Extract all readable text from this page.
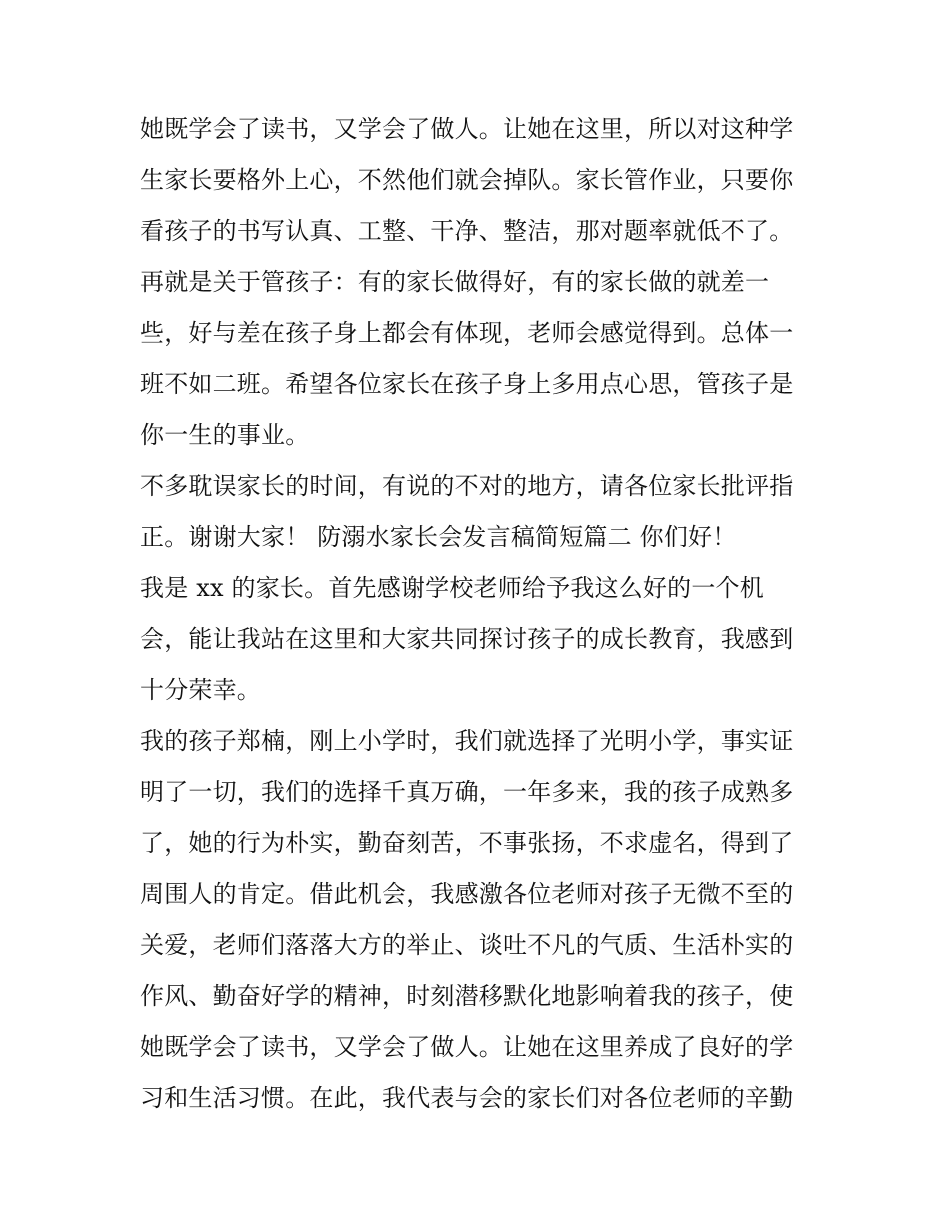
她既学会了读书，又学会了做人。让她在这里，所以对这种学
生家长要格外上心，不然他们就会掉队。家长管作业，只要你
看孩子的书写认真、工整、干净、整洁，那对题率就低不了。
再就是关于管孩子：有的家长做得好，有的家长做的就差一
些，好与差在孩子身上都会有体现，老师会感觉得到。总体一
班不如二班。希望各位家长在孩子身上多用点心思，管孩子是
你一生的事业。
不多耽误家长的时间，有说的不对的地方，请各位家长批评指
正。谢谢大家！ 防溺水家长会发言稿简短篇二 你们好！
我是 xx 的家长。首先感谢学校老师给予我这么好的一个机
会，能让我站在这里和大家共同探讨孩子的成长教育，我感到
十分荣幸。
我的孩子郑楠，刚上小学时，我们就选择了光明小学，事实证
明了一切，我们的选择千真万确，一年多来，我的孩子成熟多
了，她的行为朴实，勤奋刻苦，不事张扬，不求虚名，得到了
周围人的肯定。借此机会，我感激各位老师对孩子无微不至的
关爱，老师们落落大方的举止、谈吐不凡的气质、生活朴实的
作风、勤奋好学的精神，时刻潜移默化地影响着我的孩子，使
她既学会了读书，又学会了做人。让她在这里养成了良好的学
习和生活习惯。在此，我代表与会的家长们对各位老师的辛勤
